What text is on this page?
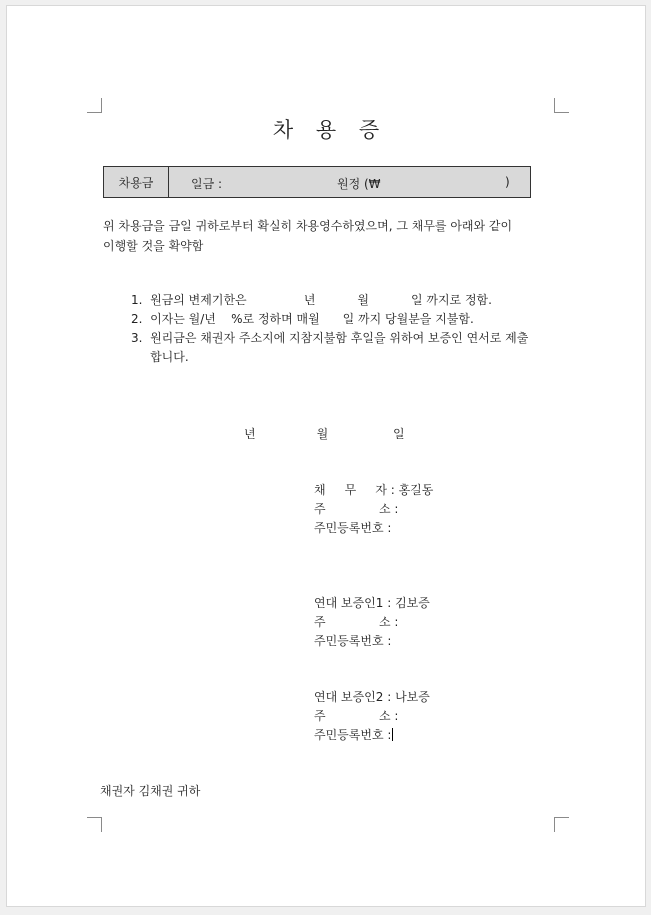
차 용 증
차용금	일금 :	원정 (₩	)
위 차용금을 금일 귀하로부터 확실히 차용영수하였으며, 그 채무를 아래와 같이
이행할 것을 확약함
1.  원금의 변제기한은               년           월           일 까지로 정함.
2.  이자는 월/년    %로 정하며 매월      일 까지 당월분을 지불함.
3.  원리금은 채권자 주소지에 지참지불함 후일을 위하여 보증인 연서로 제출
합니다.
년                월                 일
채     무     자 : 홍길동
주              소 :
주민등록번호 :
연대 보증인1 : 김보증
주              소 :
주민등록번호 :
연대 보증인2 : 나보증
주              소 :
주민등록번호 :
채권자 김채권 귀하
